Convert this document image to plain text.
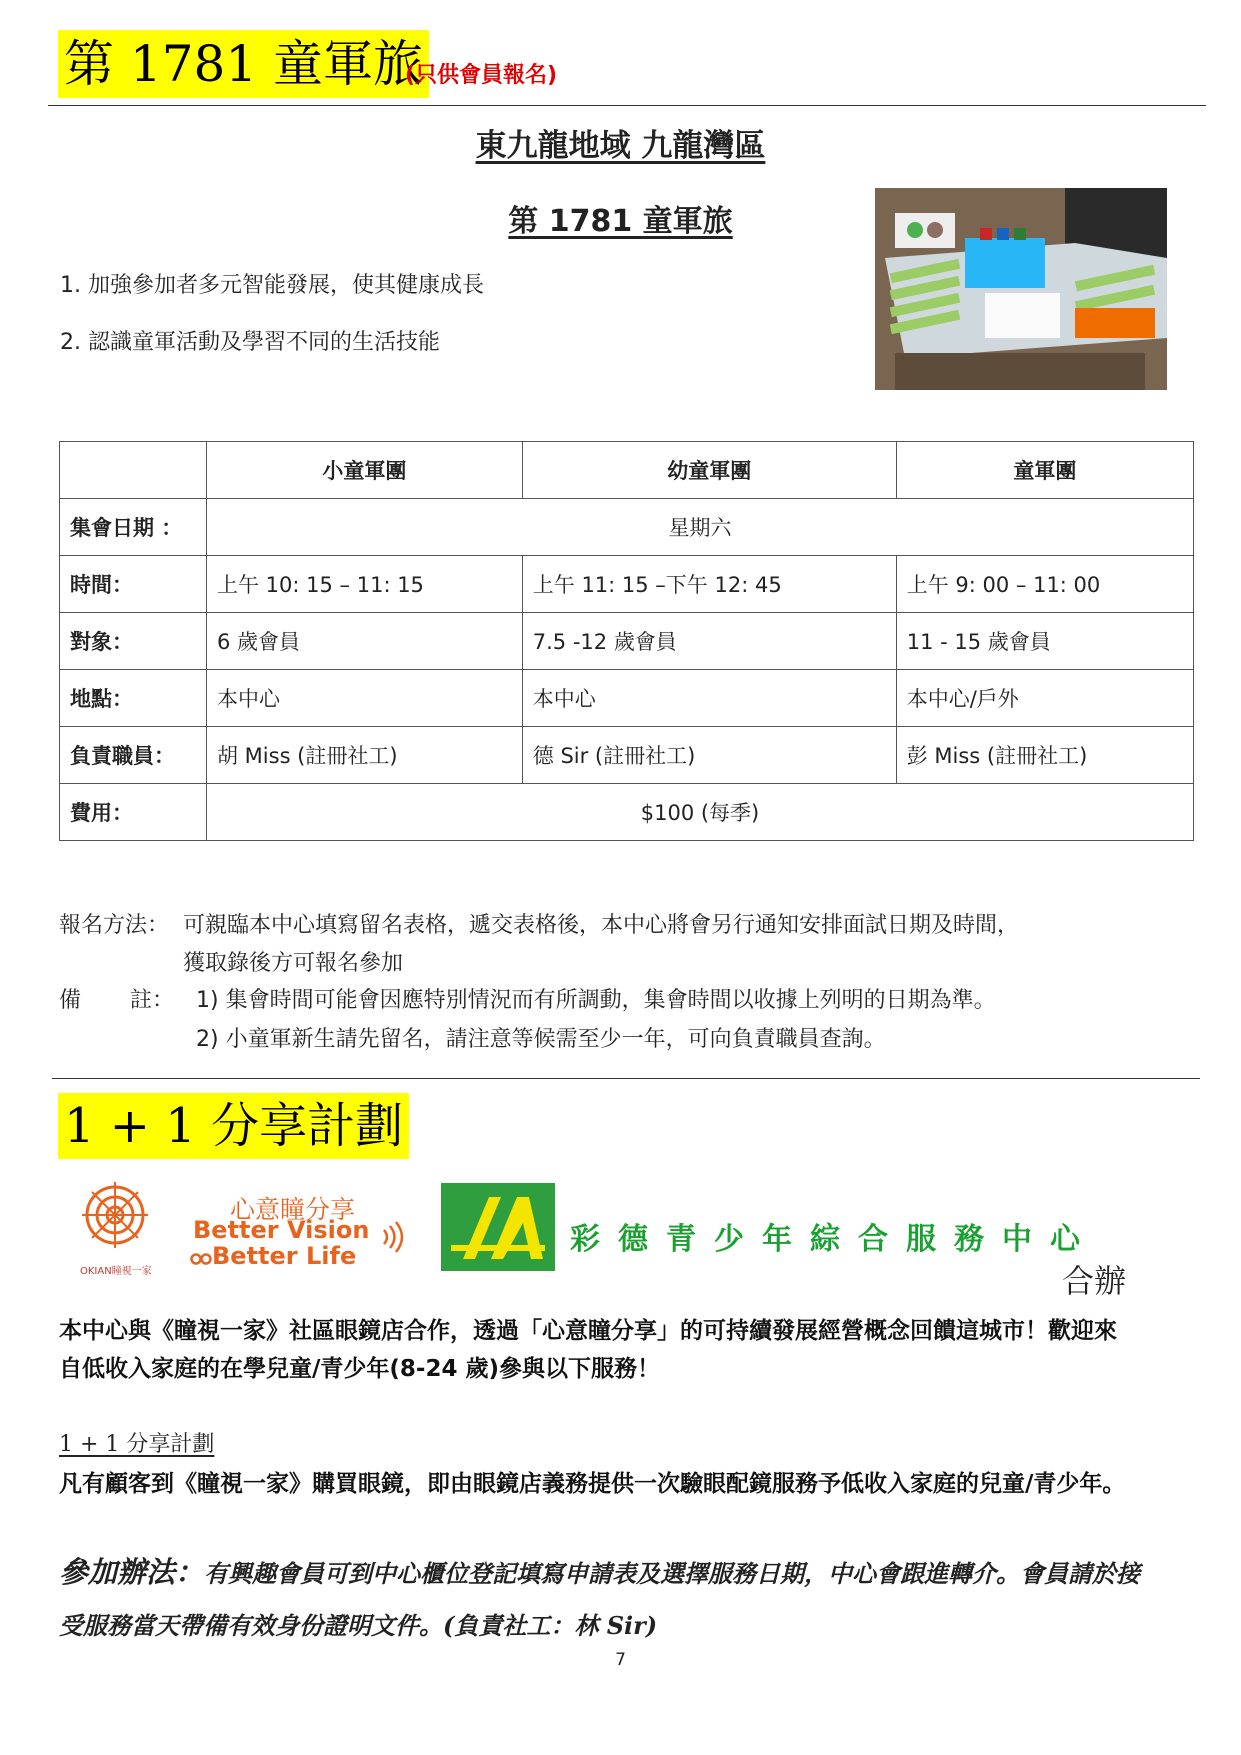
第 1781 童軍旅
(只供會員報名)
東九龍地域 九龍灣區
第 1781 童軍旅
1. 加強參加者多元智能發展，使其健康成長
2. 認識童軍活動及學習不同的生活技能
	小童軍團	幼童軍團	童軍團
集會日期 ：	星期六		
時間：	上午 10: 15 – 11: 15	上午 11: 15 –下午 12: 45	上午 9: 00 – 11: 00
對象：	6 歲會員	7.5 -12 歲會員	11 - 15 歲會員
地點：	本中心	本中心	本中心/戶外
負責職員：	胡 Miss (註冊社工)	德 Sir (註冊社工)	彭 Miss (註冊社工)
費用：	$100 (每季)		
報名方法： 可親臨本中心填寫留名表格，遞交表格後，本中心將會另行通知安排面試日期及時間，
獲取錄後方可報名參加
備       註： 1) 集會時間可能會因應特別情況而有所調動，集會時間以收據上列明的日期為準。
2) 小童軍新生請先留名，請注意等候需至少一年，可向負責職員查詢。
1 + 1 分享計劃
OKIAN瞳視一家
心意瞳分享
Better Vision
Better Life	彩德青少年綜合服務中心
合辦
本中心與《瞳視一家》社區眼鏡店合作，透過「心意瞳分享」的可持續發展經營概念回饋這城市！歡迎來
自低收入家庭的在學兒童/青少年(8-24 歲)參與以下服務！
1 + 1 分享計劃
凡有顧客到《瞳視一家》購買眼鏡，即由眼鏡店義務提供一次驗眼配鏡服務予低收入家庭的兒童/青少年。
參加辦法：有興趣會員可到中心櫃位登記填寫申請表及選擇服務日期，中心會跟進轉介。會員請於接
受服務當天帶備有效身份證明文件。(負責社工：林 Sir)
7
